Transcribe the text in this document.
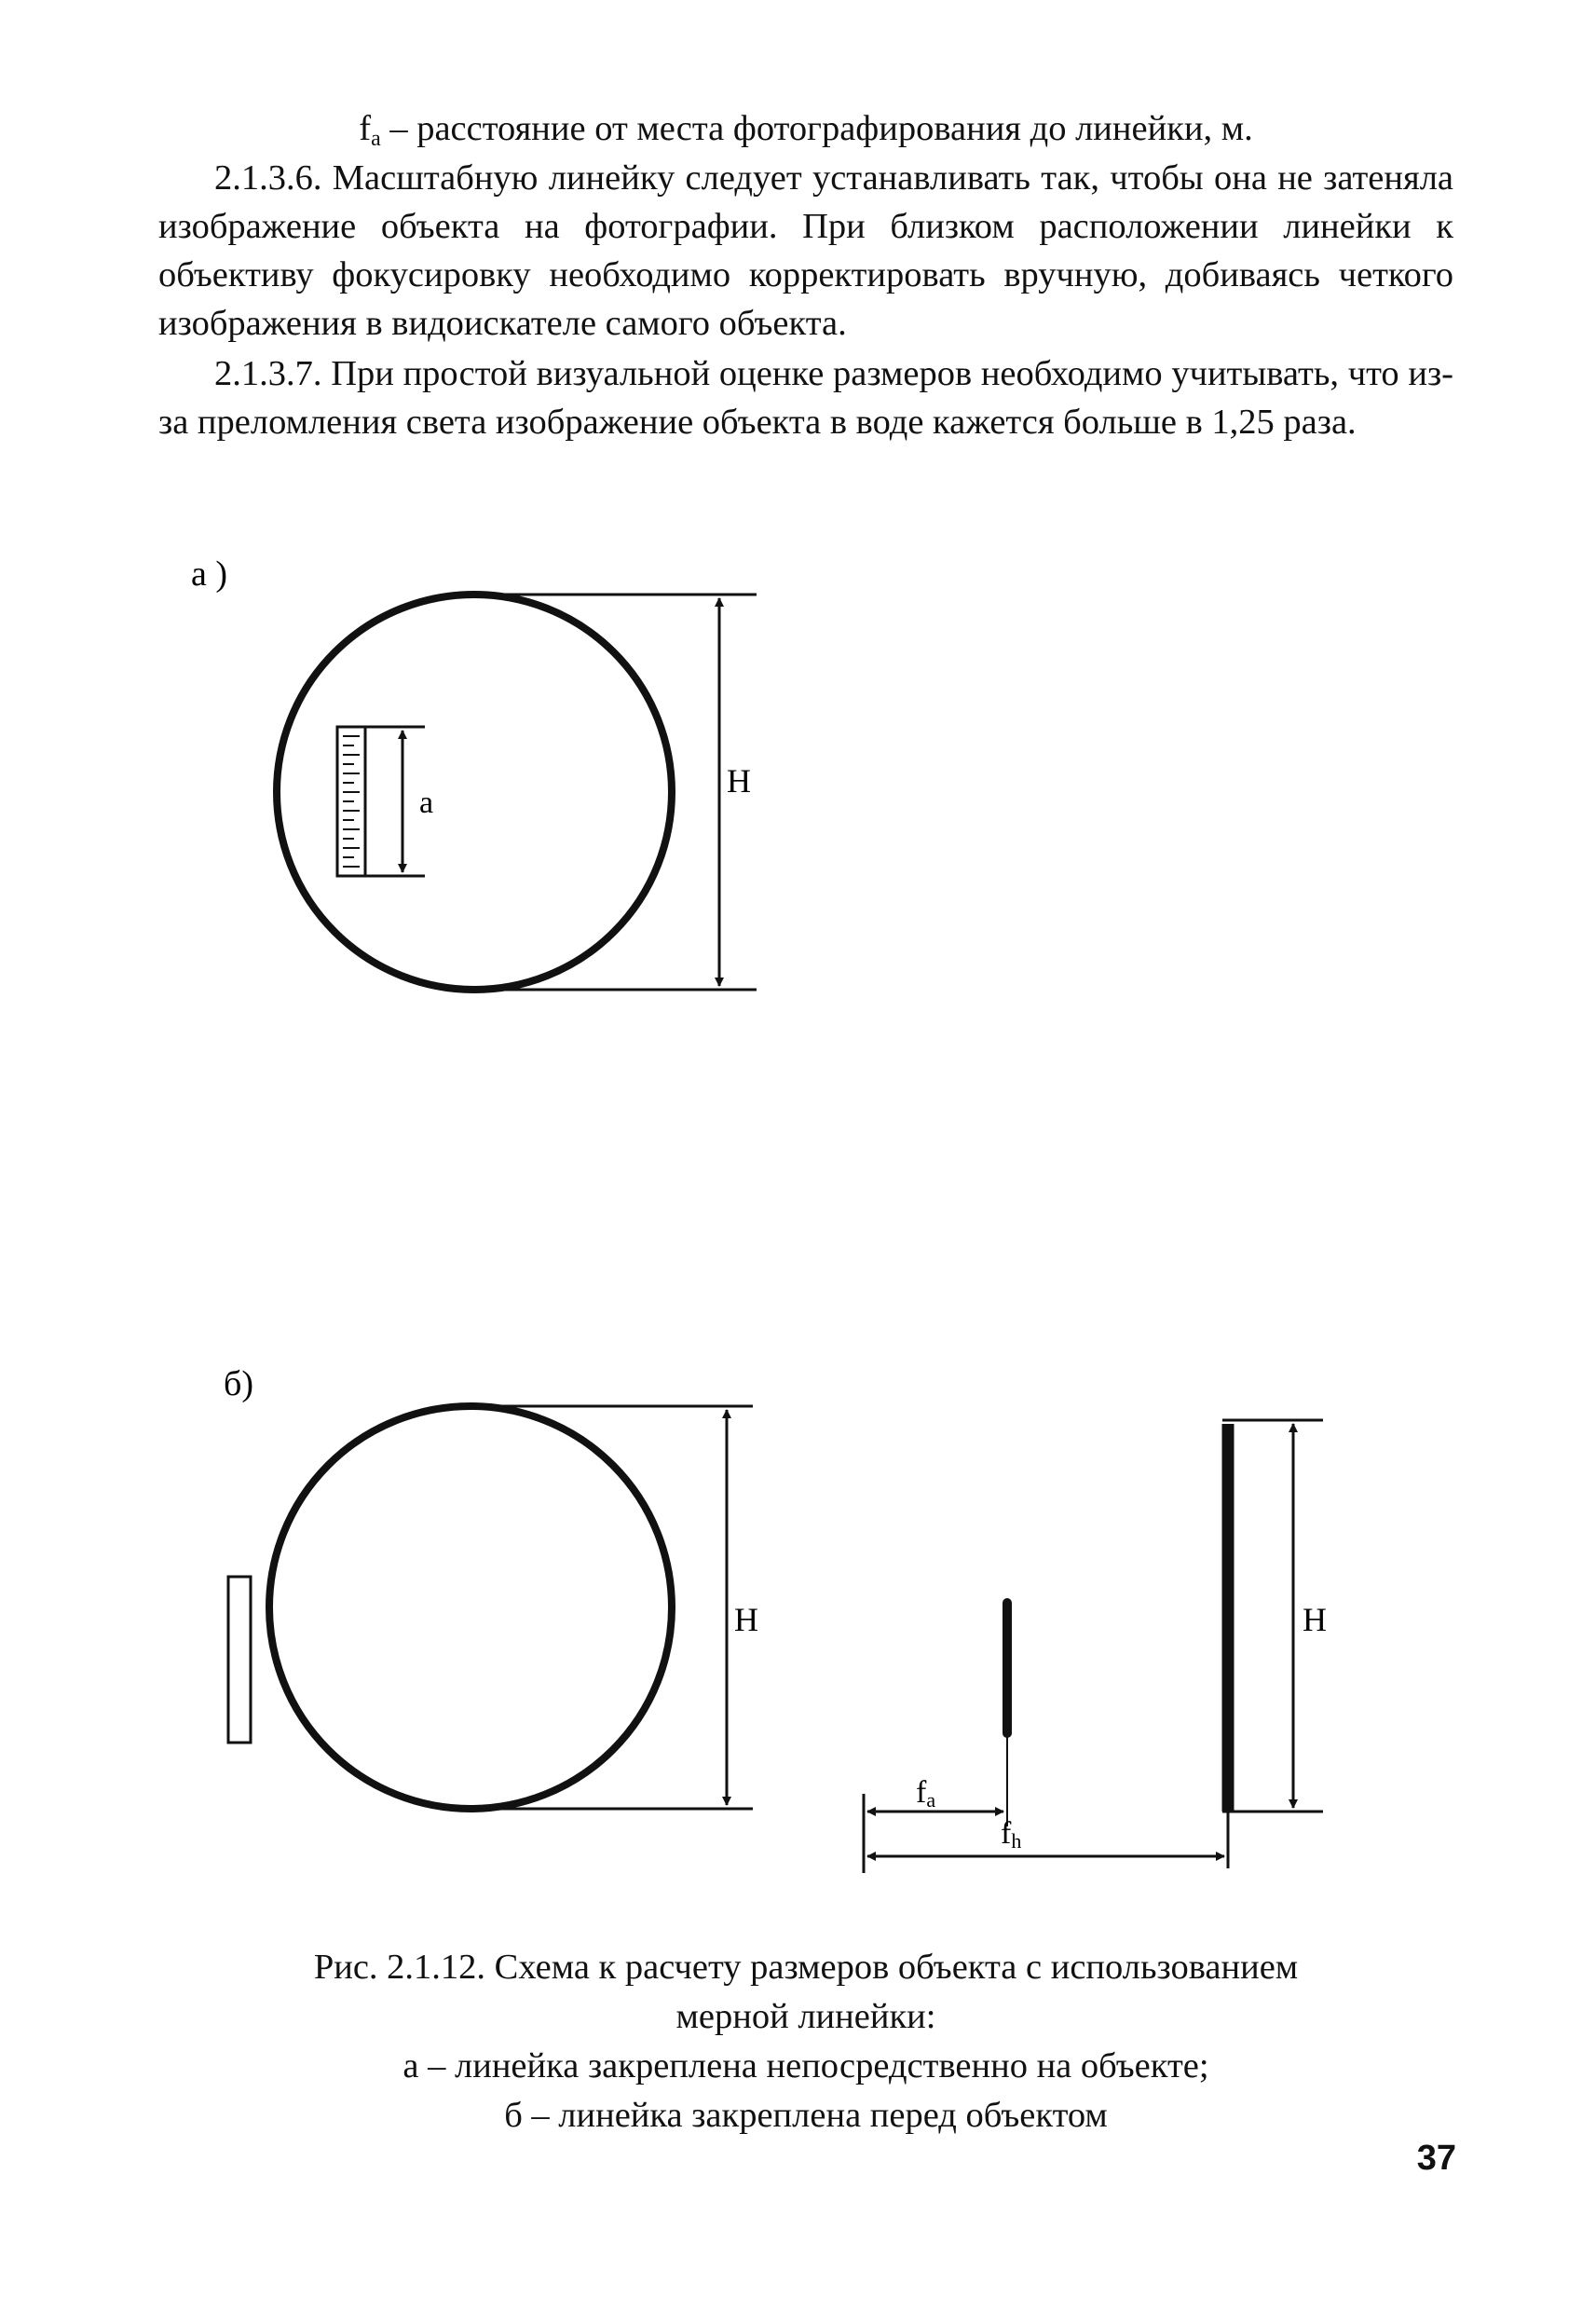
$f_a$ – расстояние от места фотографирования до линейки, м.

2.1.3.6. Масштабную линейку следует устанавливать так, чтобы она не затеняла изображение объекта на фотографии. При близком расположении линейки к объективу фокусировку необходимо корректировать вручную, добиваясь четкого изображения в видоискателе самого объекта.

2.1.3.7. При простой визуальной оценке размеров необходимо учитывать, что из-за преломления света изображение объекта в воде кажется больше в 1,25 раза.

а )
H
а
б)
H	H
fa
fh
Рис. 2.1.12. Схема к расчету размеров объекта с использованием
мерной линейки:
а – линейка закреплена непосредственно на объекте;
б – линейка закреплена перед объектом
37
